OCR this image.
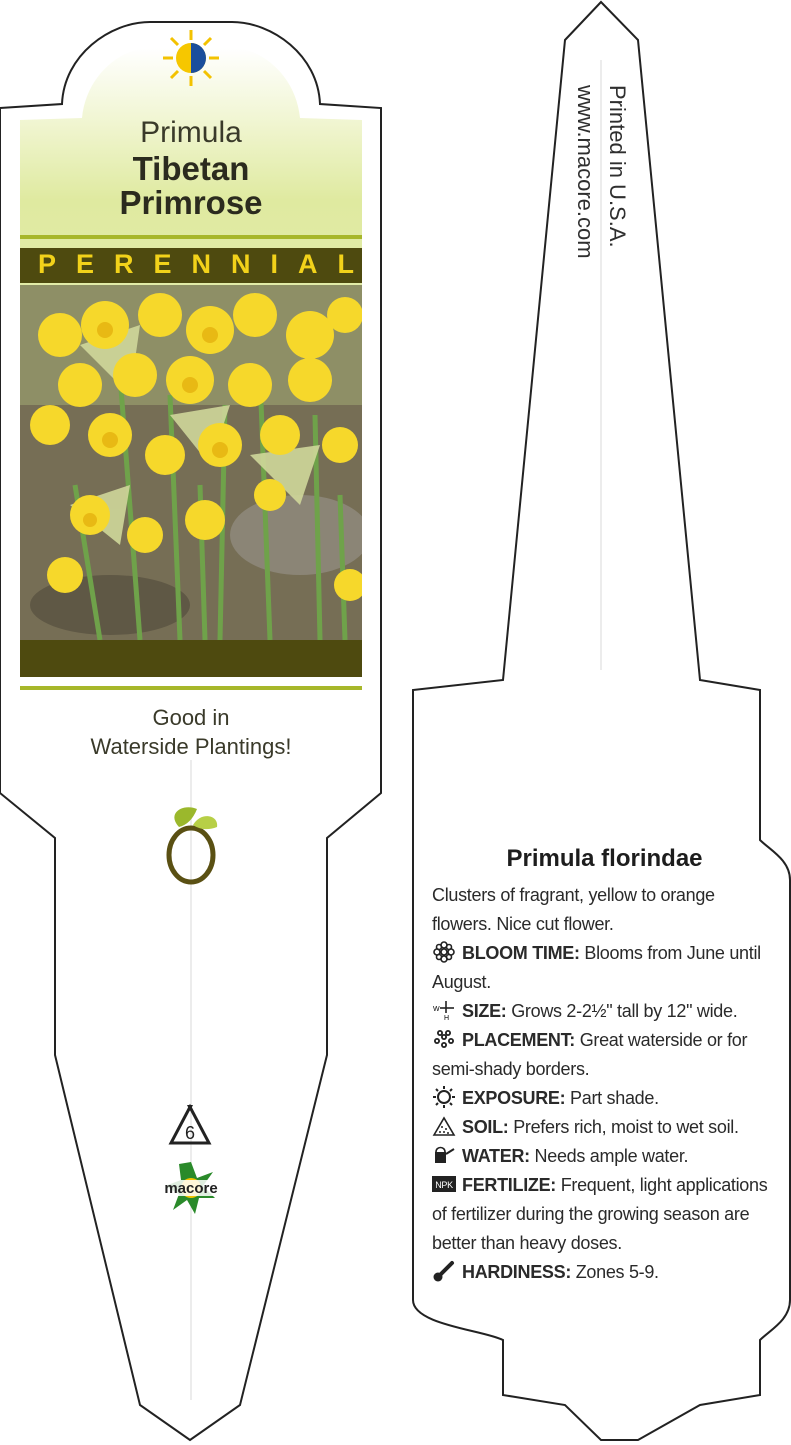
Primula
Tibetan
Primrose
PERENNIAL
Good in
Waterside Plantings!
6
macore
Printed in U.S.A.
www.macore.com
Primula florindae

Clusters of fragrant, yellow to orange flowers. Nice cut flower.

BLOOM TIME: Blooms from June until August.

W
H SIZE: Grows 2-2½" tall by 12" wide.

PLACEMENT: Great waterside or for semi-shady borders.

EXPOSURE: Part shade.

SOIL: Prefers rich, moist to wet soil.

WATER: Needs ample water.

NPK FERTILIZE: Frequent, light applications of fertilizer during the growing season are better than heavy doses.

HARDINESS: Zones 5-9.
